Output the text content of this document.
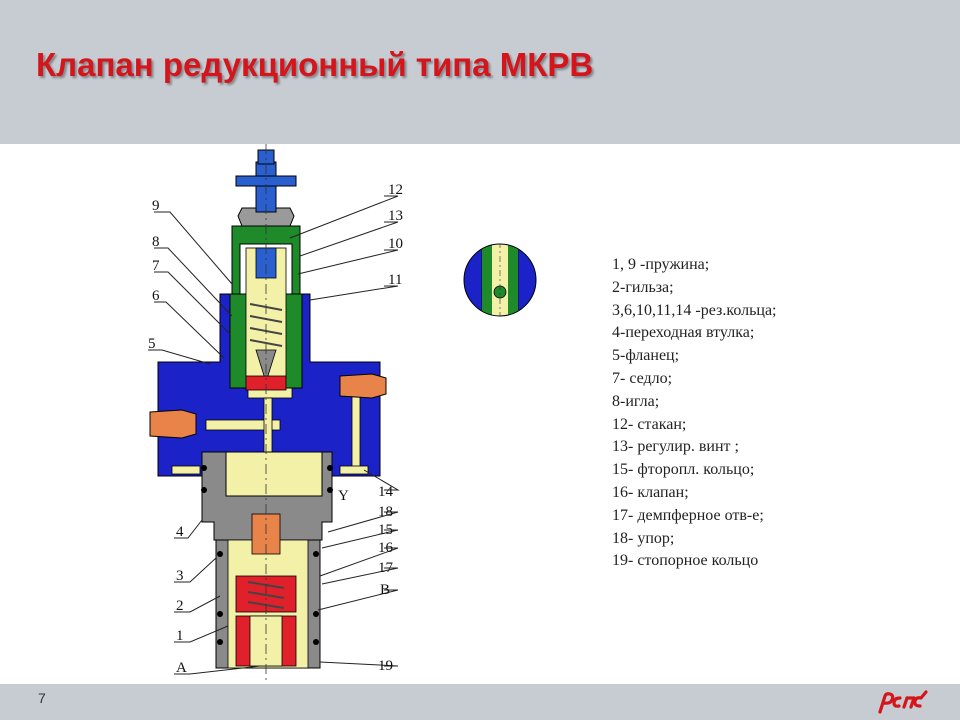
Клапан редукционный типа МКРВ
9
8
7
6
5
4
3
2
1
А
12
13
10
11
14
18
15
16
17
В
19
Y
1, 9 -пружина;
2-гильза;
3,6,10,11,14 -рез.кольца;
4-переходная втулка;
5-фланец;
7- седло;
8-игла;
12- стакан;
13- регулир. винт ;
15- фтoропл. кольцо;
16- клапан;
17- демпферное отв-е;
18- упор;
19- стопорное кольцо
7
